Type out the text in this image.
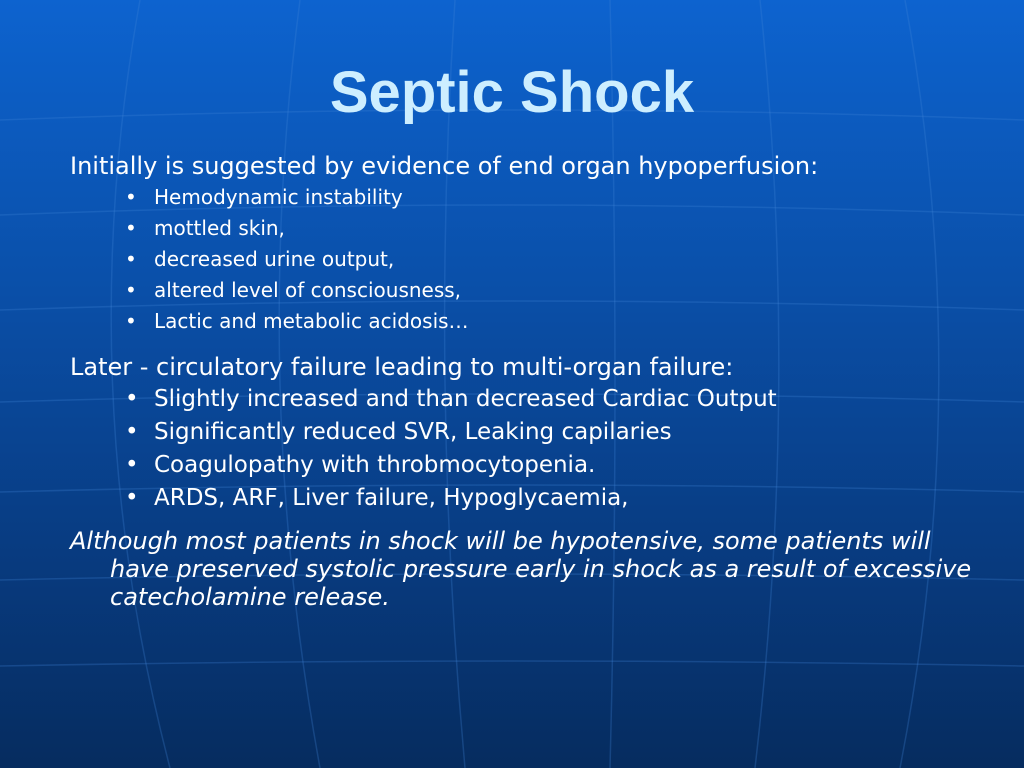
Septic Shock

Initially is suggested by evidence of end organ hypoperfusion:

• Hemodynamic instability
• mottled skin,
• decreased urine output,
• altered level of consciousness,
• Lactic and metabolic acidosis…

Later - circulatory failure leading to multi-organ failure:

• Slightly increased and than decreased Cardiac Output
• Significantly reduced SVR, Leaking capilaries
• Coagulopathy with throbmocytopenia.
• ARDS, ARF, Liver failure, Hypoglycaemia,

Although most patients in shock will be hypotensive, some patients will have preserved systolic pressure early in shock as a result of excessive catecholamine release.
